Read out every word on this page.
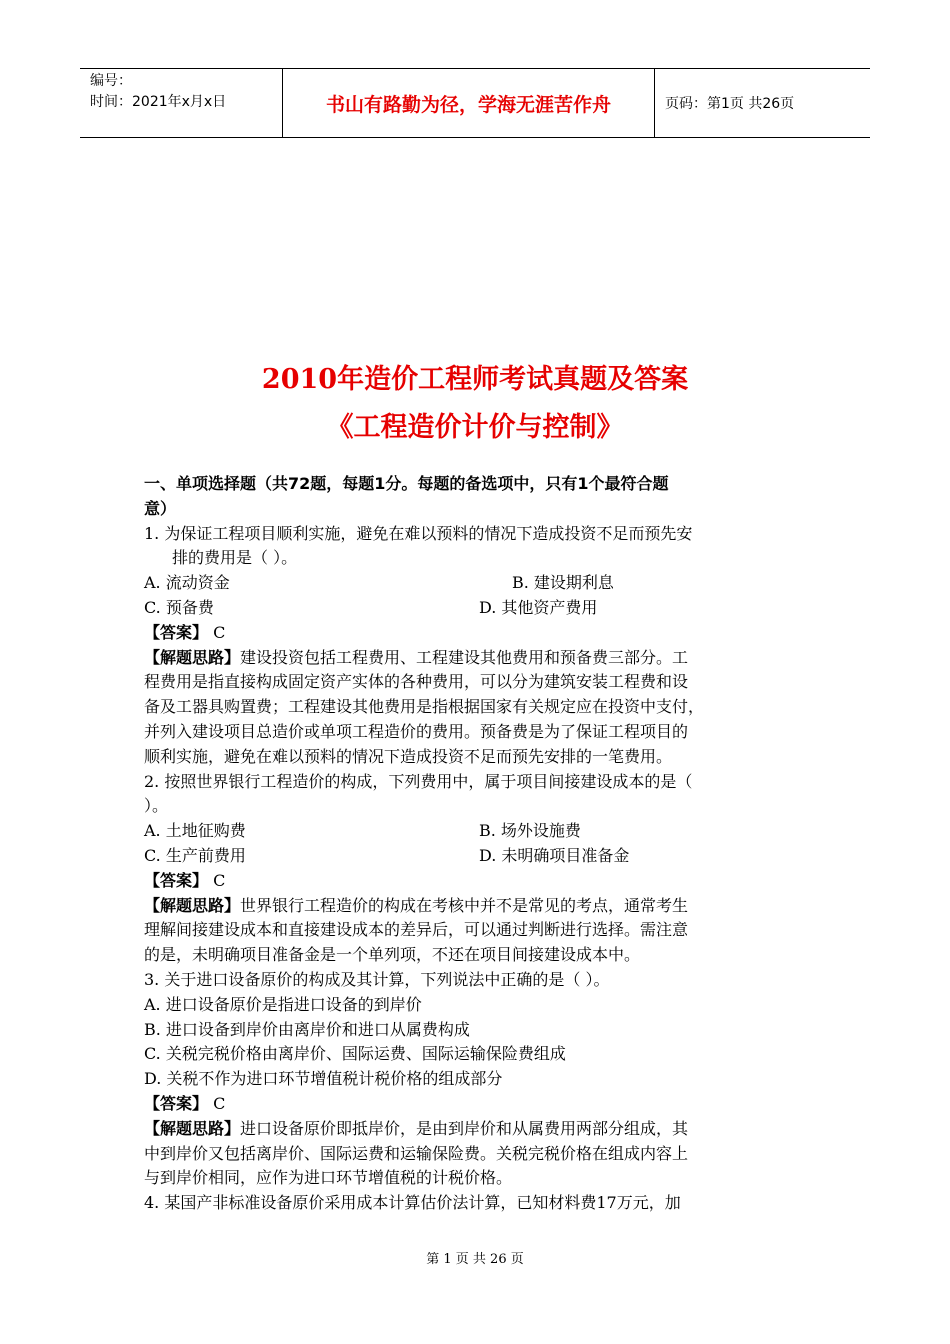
编号：
时间：2021年x月x日	书山有路勤为径，学海无涯苦作舟	页码：第1页 共26页
2010年造价工程师考试真题及答案
《工程造价计价与控制》
一、单项选择题（共72题，每题1分。每题的备选项中，只有1个最符合题
意）
1. 为保证工程项目顺利实施，避免在难以预料的情况下造成投资不足而预先安
排的费用是（ ）。
A. 流动资金	B. 建设期利息
C. 预备费	D. 其他资产费用
【答案】 C
【解题思路】建设投资包括工程费用、工程建设其他费用和预备费三部分。工
程费用是指直接构成固定资产实体的各种费用，可以分为建筑安装工程费和设
备及工器具购置费；工程建设其他费用是指根据国家有关规定应在投资中支付，
并列入建设项目总造价或单项工程造价的费用。预备费是为了保证工程项目的
顺利实施，避免在难以预料的情况下造成投资不足而预先安排的一笔费用。
2. 按照世界银行工程造价的构成，下列费用中，属于项目间接建设成本的是（
）。
A. 土地征购费	B. 场外设施费
C. 生产前费用	D. 未明确项目准备金
【答案】 C
【解题思路】世界银行工程造价的构成在考核中并不是常见的考点，通常考生
理解间接建设成本和直接建设成本的差异后，可以通过判断进行选择。需注意
的是，未明确项目准备金是一个单列项，不还在项目间接建设成本中。
3. 关于进口设备原价的构成及其计算，下列说法中正确的是（ ）。
A. 进口设备原价是指进口设备的到岸价
B. 进口设备到岸价由离岸价和进口从属费构成
C. 关税完税价格由离岸价、国际运费、国际运输保险费组成
D. 关税不作为进口环节增值税计税价格的组成部分
【答案】 C
【解题思路】进口设备原价即抵岸价，是由到岸价和从属费用两部分组成，其
中到岸价又包括离岸价、国际运费和运输保险费。关税完税价格在组成内容上
与到岸价相同，应作为进口环节增值税的计税价格。
4. 某国产非标准设备原价采用成本计算估价法计算，已知材料费17万元，加
第 1 页 共 26 页
